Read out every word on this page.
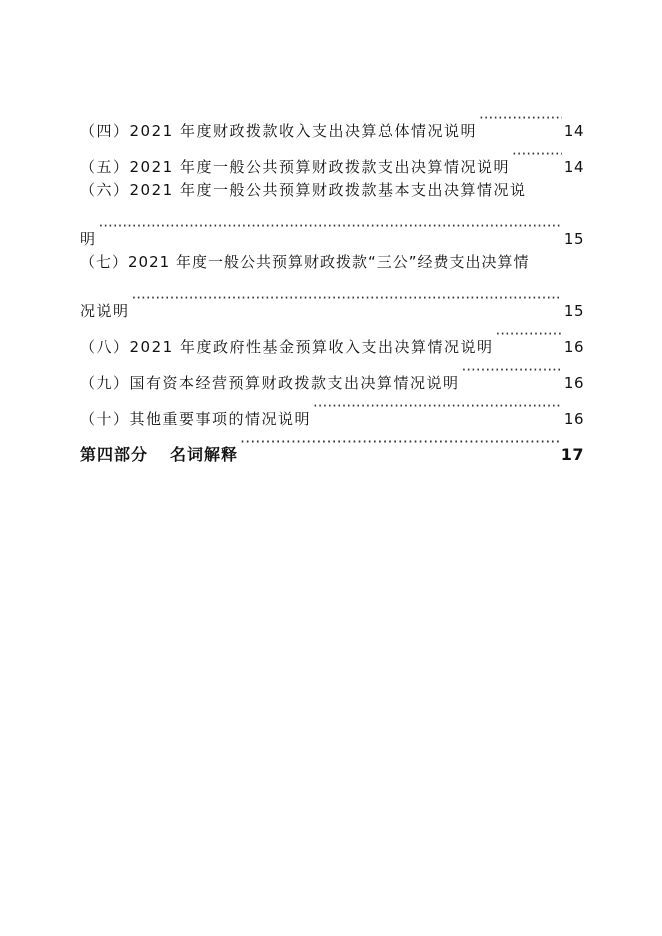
（四）2021 年度财政拨款收入支出决算总体情况说明 ·····	14
（五）2021 年度一般公共预算财政拨款支出决算情况说明 ·····	14
（六）2021 年度一般公共预算财政拨款基本支出决算情况说
明 ·····	15
（七）2021 年度一般公共预算财政拨款“三公”经费支出决算情
况说明 ·····	15
（八）2021 年度政府性基金预算收入支出决算情况说明 ·····	16
（九）国有资本经营预算财政拨款支出决算情况说明 ·····	16
（十）其他重要事项的情况说明 ·····	16
第四部分 名词解释 ·····	17
